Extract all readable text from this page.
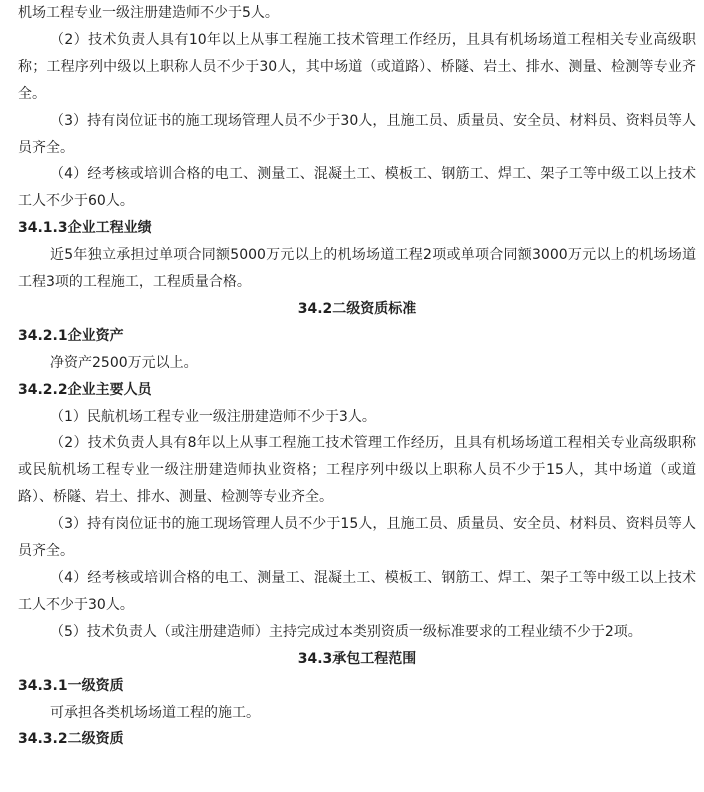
机场工程专业一级注册建造师不少于5人。

（2）技术负责人具有10年以上从事工程施工技术管理工作经历，且具有机场场道工程相关专业高级职称；工程序列中级以上职称人员不少于30人，其中场道（或道路）、桥隧、岩土、排水、测量、检测等专业齐全。

（3）持有岗位证书的施工现场管理人员不少于30人，且施工员、质量员、安全员、材料员、资料员等人员齐全。

（4）经考核或培训合格的电工、测量工、混凝土工、模板工、钢筋工、焊工、架子工等中级工以上技术工人不少于60人。

34.1.3企业工程业绩

近5年独立承担过单项合同额5000万元以上的机场场道工程2项或单项合同额3000万元以上的机场场道工程3项的工程施工，工程质量合格。

34.2二级资质标准

34.2.1企业资产

净资产2500万元以上。

34.2.2企业主要人员

（1）民航机场工程专业一级注册建造师不少于3人。

（2）技术负责人具有8年以上从事工程施工技术管理工作经历，且具有机场场道工程相关专业高级职称或民航机场工程专业一级注册建造师执业资格；工程序列中级以上职称人员不少于15人，其中场道（或道路）、桥隧、岩土、排水、测量、检测等专业齐全。

（3）持有岗位证书的施工现场管理人员不少于15人，且施工员、质量员、安全员、材料员、资料员等人员齐全。

（4）经考核或培训合格的电工、测量工、混凝土工、模板工、钢筋工、焊工、架子工等中级工以上技术工人不少于30人。

（5）技术负责人（或注册建造师）主持完成过本类别资质一级标准要求的工程业绩不少于2项。

34.3承包工程范围

34.3.1一级资质

可承担各类机场场道工程的施工。

34.3.2二级资质
